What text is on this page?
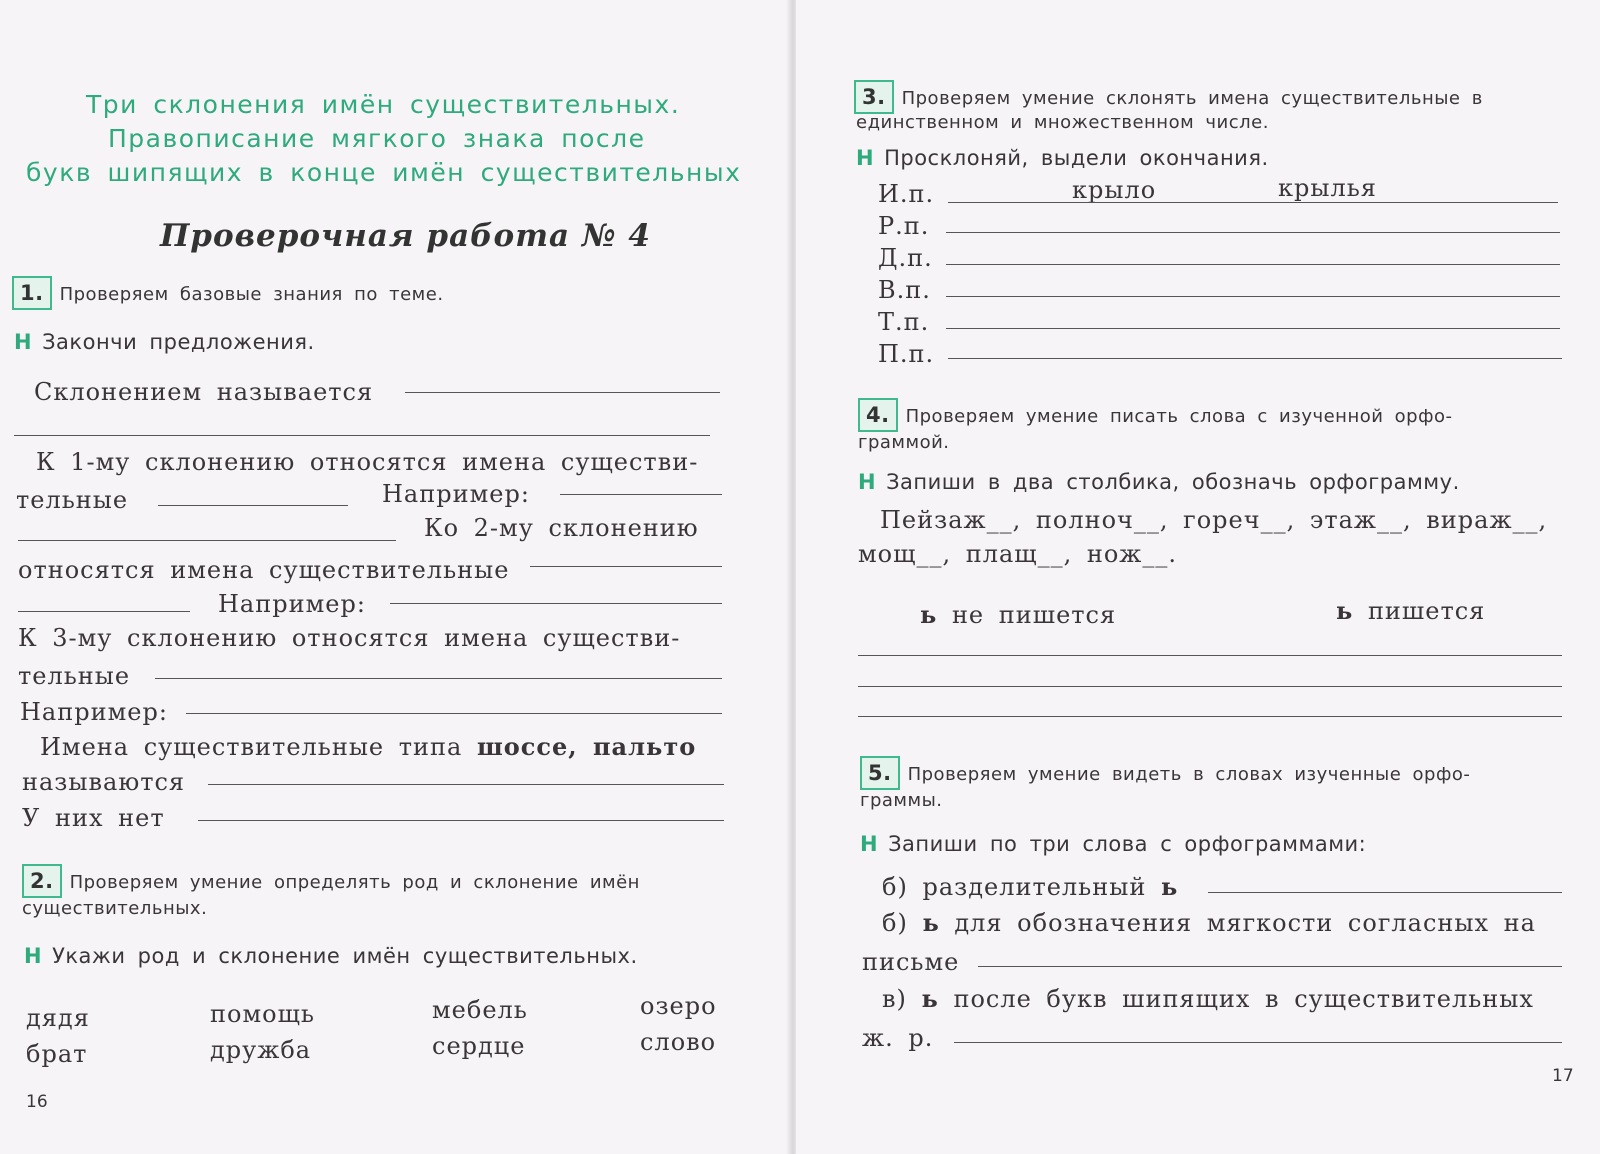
Три склонения имён существительных.
Правописание мягкого знака после
букв шипящих в конце имён существительных
Проверочная работа № 4
1. Проверяем базовые знания по теме.
Н Закончи предложения.
Склонением называется
К 1-му склонению относятся имена существи-
тельные	Например:
Ко 2-му склонению
относятся имена существительные
Например:
К 3-му склонению относятся имена существи-
тельные
Например:
Имена существительные типа шоссе, пальто
называются
У них нет
2. Проверяем умение определять род и склонение имён
существительных.
Н Укажи род и склонение имён существительных.
дядя	помощь	мебель	озеро
брат	дружба	сердце	слово
16
3. Проверяем умение склонять имена существительные в
единственном и множественном числе.
Н Просклоняй, выдели окончания.
И.п.	крыло	крылья
Р.п.
Д.п.
В.п.
Т.п.
П.п.
4. Проверяем умение писать слова с изученной орфо-
граммой.
Н Запиши в два столбика, обозначь орфограмму.
Пейзаж__, полноч__, гореч__, этаж__, вираж__,
мощ__, плащ__, нож__.
ь не пишется	ь пишется
5. Проверяем умение видеть в словах изученные орфо-
граммы.
Н Запиши по три слова с орфограммами:
б) разделительный ь
б) ь для обозначения мягкости согласных на
письме
в) ь после букв шипящих в существительных
ж. р.
17
